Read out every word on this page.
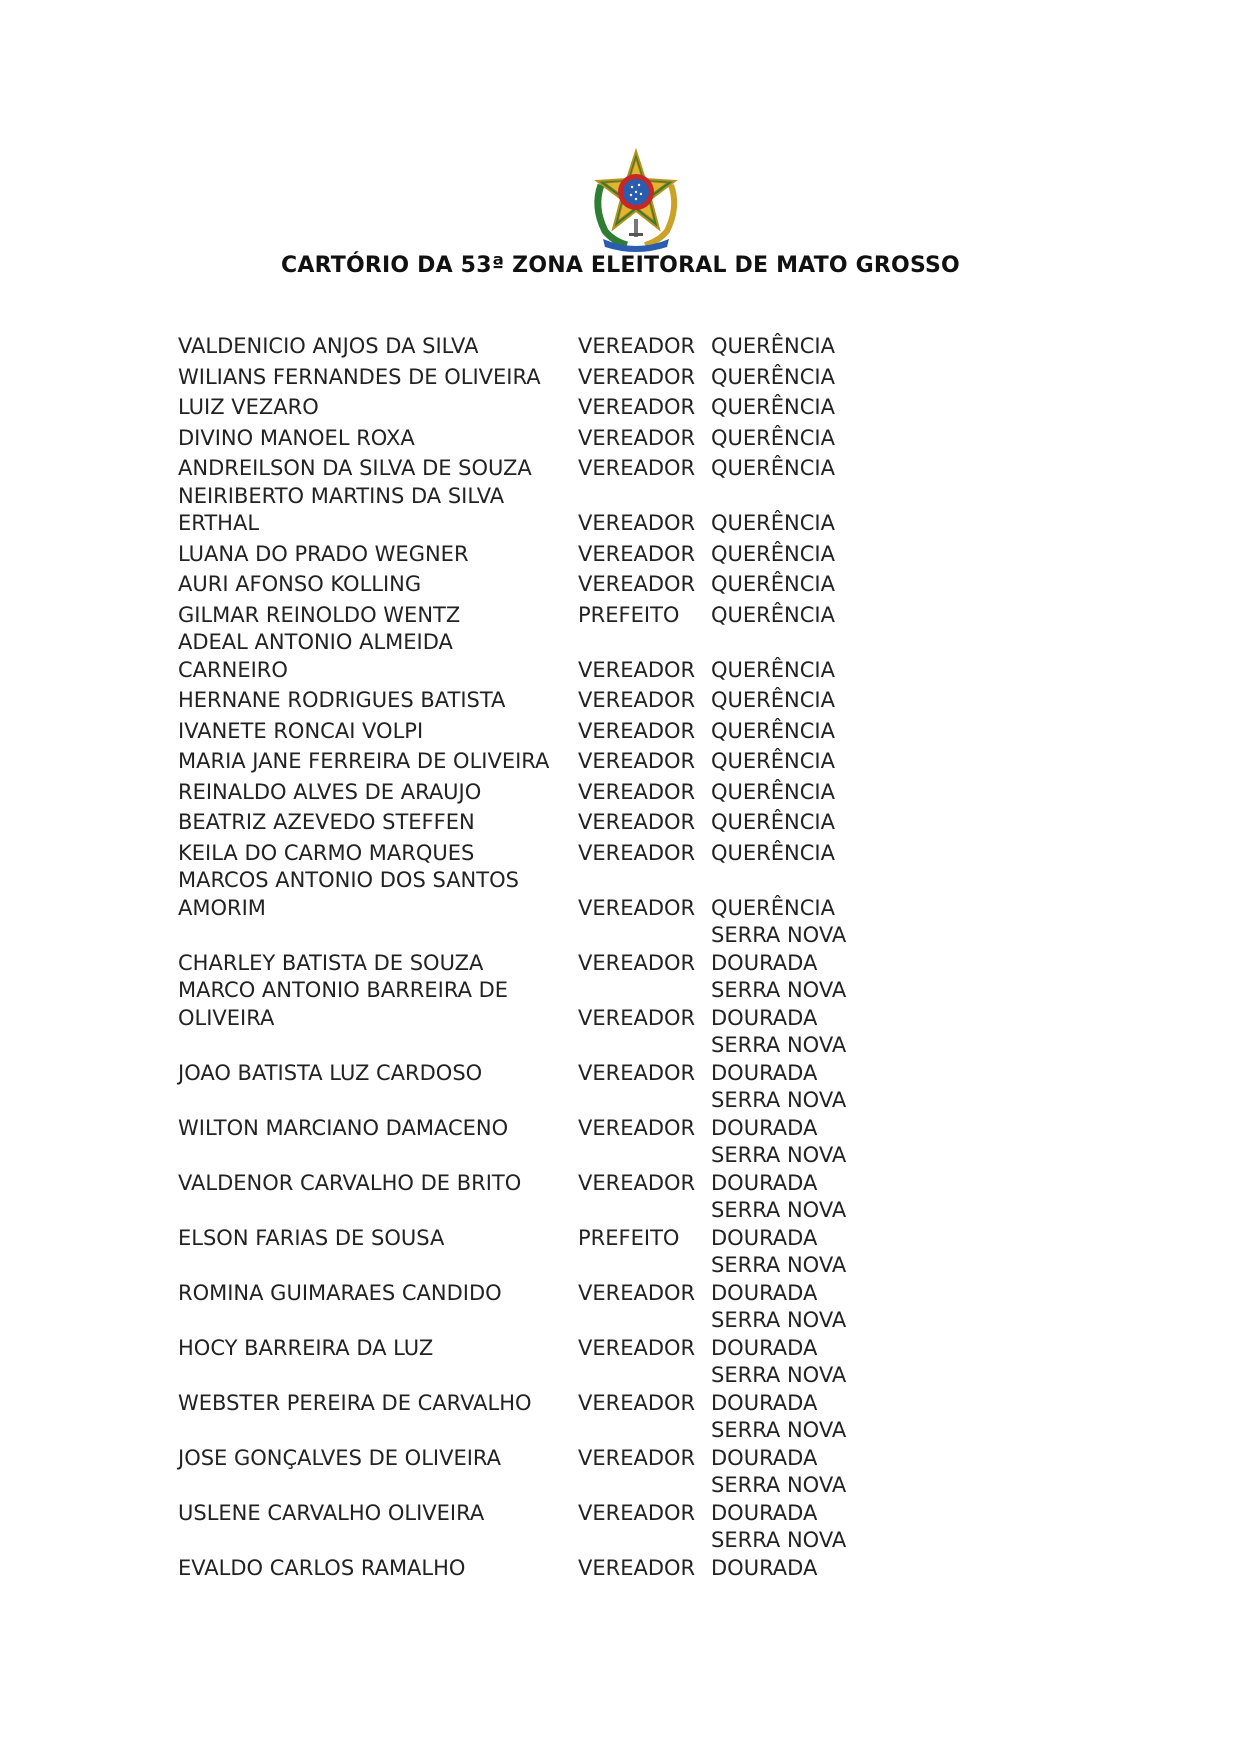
CARTÓRIO DA 53ª ZONA ELEITORAL DE MATO GROSSO
VALDENICIO ANJOS DA SILVA	VEREADOR	QUERÊNCIA

WILIANS FERNANDES DE OLIVEIRA	VEREADOR	QUERÊNCIA

LUIZ VEZARO	VEREADOR	QUERÊNCIA

DIVINO MANOEL ROXA	VEREADOR	QUERÊNCIA

ANDREILSON DA SILVA DE SOUZA	VEREADOR	QUERÊNCIA

NEIRIBERTO MARTINS DA SILVA
ERTHAL	VEREADOR	QUERÊNCIA

LUANA DO PRADO WEGNER	VEREADOR	QUERÊNCIA

AURI AFONSO KOLLING	VEREADOR	QUERÊNCIA

GILMAR REINOLDO WENTZ	PREFEITO	QUERÊNCIA

ADEAL ANTONIO ALMEIDA
CARNEIRO	VEREADOR	QUERÊNCIA

HERNANE RODRIGUES BATISTA	VEREADOR	QUERÊNCIA

IVANETE RONCAI VOLPI	VEREADOR	QUERÊNCIA

MARIA JANE FERREIRA DE OLIVEIRA	VEREADOR	QUERÊNCIA

REINALDO ALVES DE ARAUJO	VEREADOR	QUERÊNCIA

BEATRIZ AZEVEDO STEFFEN	VEREADOR	QUERÊNCIA

KEILA DO CARMO MARQUES	VEREADOR	QUERÊNCIA

MARCOS ANTONIO DOS SANTOS
AMORIM	VEREADOR	QUERÊNCIA

CHARLEY BATISTA DE SOUZA	VEREADOR	SERRA NOVA
DOURADA

MARCO ANTONIO BARREIRA DE
OLIVEIRA	VEREADOR	SERRA NOVA
DOURADA

JOAO BATISTA LUZ CARDOSO	VEREADOR	SERRA NOVA
DOURADA

WILTON MARCIANO DAMACENO	VEREADOR	SERRA NOVA
DOURADA

VALDENOR CARVALHO DE BRITO	VEREADOR	SERRA NOVA
DOURADA

ELSON FARIAS DE SOUSA	PREFEITO	SERRA NOVA
DOURADA

ROMINA GUIMARAES CANDIDO	VEREADOR	SERRA NOVA
DOURADA

HOCY BARREIRA DA LUZ	VEREADOR	SERRA NOVA
DOURADA

WEBSTER PEREIRA DE CARVALHO	VEREADOR	SERRA NOVA
DOURADA

JOSE GONÇALVES DE OLIVEIRA	VEREADOR	SERRA NOVA
DOURADA

USLENE CARVALHO OLIVEIRA	VEREADOR	SERRA NOVA
DOURADA

EVALDO CARLOS RAMALHO	VEREADOR	SERRA NOVA
DOURADA
